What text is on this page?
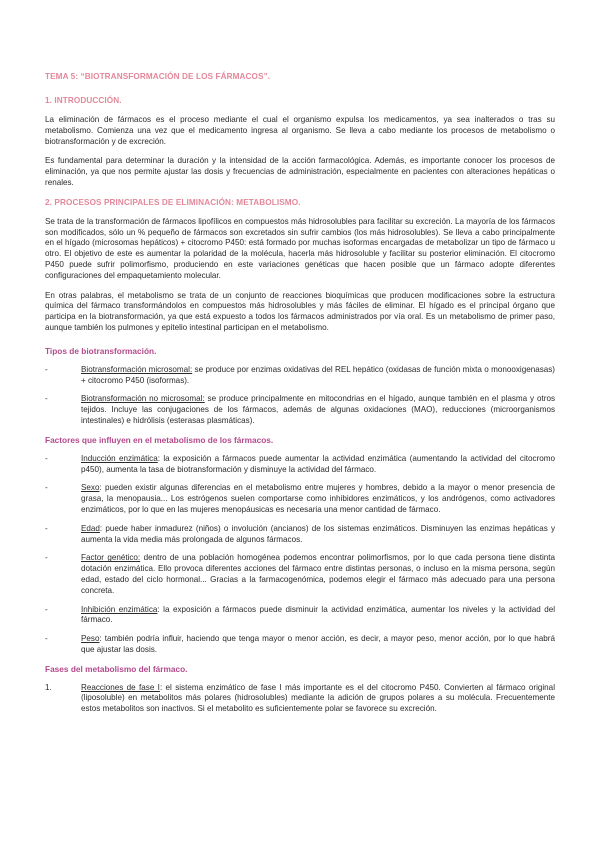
TEMA 5: “BIOTRANSFORMACIÓN DE LOS FÁRMACOS”.
1. INTRODUCCIÓN.

La eliminación de fármacos es el proceso mediante el cual el organismo expulsa los medicamentos, ya sea inalterados o tras su metabolismo. Comienza una vez que el medicamento ingresa al organismo. Se lleva a cabo mediante los procesos de metabolismo o biotransformación y de excreción.

Es fundamental para determinar la duración y la intensidad de la acción farmacológica. Además, es importante conocer los procesos de eliminación, ya que nos permite ajustar las dosis y frecuencias de administración, especialmente en pacientes con alteraciones hepáticas o renales.

2. PROCESOS PRINCIPALES DE ELIMINACIÓN: METABOLISMO.

Se trata de la transformación de fármacos lipofílicos en compuestos más hidrosolubles para facilitar su excreción. La mayoría de los fármacos son modificados, sólo un % pequeño de fármacos son excretados sin sufrir cambios (los más hidrosolubles). Se lleva a cabo principalmente en el hígado (microsomas hepáticos) + citocromo P450: está formado por muchas isoformas encargadas de metabolizar un tipo de fármaco u otro. El objetivo de este es aumentar la polaridad de la molécula, hacerla más hidrosoluble y facilitar su posterior eliminación. El citocromo P450 puede sufrir polimorfismo, produciendo en este variaciones genéticas que hacen posible que un fármaco adopte diferentes configuraciones del empaquetamiento molecular.

En otras palabras, el metabolismo se trata de un conjunto de reacciones bioquímicas que producen modificaciones sobre la estructura química del fármaco transformándolos en compuestos más hidrosolubles y más fáciles de eliminar. El hígado es el principal órgano que participa en la biotransformación, ya que está expuesto a todos los fármacos administrados por vía oral. Es un metabolismo de primer paso, aunque también los pulmones y epitelio intestinal participan en el metabolismo.

Tipos de biotransformación.
-	Biotransformación microsomal: se produce por enzimas oxidativas del REL hepático (oxidasas de función mixta o monooxigenasas) + citocromo P450 (isoformas).

-	Biotransformación no microsomal: se produce principalmente en mitocondrias en el hígado, aunque también en el plasma y otros tejidos. Incluye las conjugaciones de los fármacos, además de algunas oxidaciones (MAO), reducciones (microorganismos intestinales) e hidrólisis (esterasas plasmáticas).

Factores que influyen en el metabolismo de los fármacos.
-	Inducción enzimática: la exposición a fármacos puede aumentar la actividad enzimática (aumentando la actividad del citocromo p450), aumenta la tasa de biotransformación y disminuye la actividad del fármaco.

-	Sexo: pueden existir algunas diferencias en el metabolismo entre mujeres y hombres, debido a la mayor o menor presencia de grasa, la menopausia... Los estrógenos suelen comportarse como inhibidores enzimáticos, y los andrógenos, como activadores enzimáticos, por lo que en las mujeres menopáusicas es necesaria una menor cantidad de fármaco.

-	Edad: puede haber inmadurez (niños) o involución (ancianos) de los sistemas enzimáticos. Disminuyen las enzimas hepáticas y aumenta la vida media más prolongada de algunos fármacos.

-	Factor genético: dentro de una población homogénea podemos encontrar polimorfismos, por lo que cada persona tiene distinta dotación enzimática. Ello provoca diferentes acciones del fármaco entre distintas personas, o incluso en la misma persona, según edad, estado del ciclo hormonal... Gracias a la farmacogenómica, podemos elegir el fármaco más adecuado para una persona concreta.

-	Inhibición enzimática: la exposición a fármacos puede disminuir la actividad enzimática, aumentar los niveles y la actividad del fármaco.

-	Peso: también podría influir, haciendo que tenga mayor o menor acción, es decir, a mayor peso, menor acción, por lo que habrá que ajustar las dosis.

Fases del metabolismo del fármaco.
1.	Reacciones de fase I: el sistema enzimático de fase I más importante es el del citocromo P450. Convierten al fármaco original (liposoluble) en metabolitos más polares (hidrosolubles) mediante la adición de grupos polares a su molécula. Frecuentemente estos metabolitos son inactivos. Si el metabolito es suficientemente polar se favorece su excreción.
